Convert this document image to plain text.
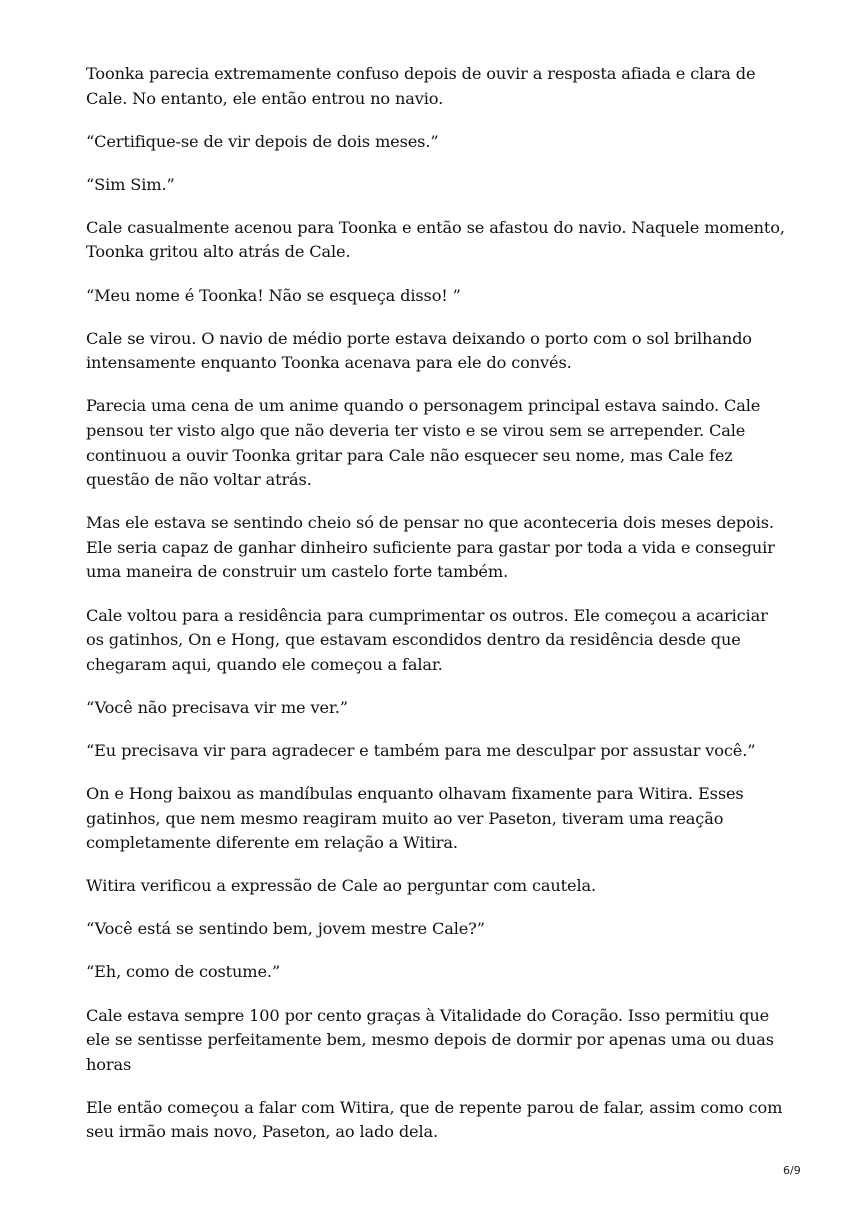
Toonka parecia extremamente confuso depois de ouvir a resposta afiada e clara de Cale. No entanto, ele então entrou no navio.

“Certifique-se de vir depois de dois meses.”

“Sim Sim.”

Cale casualmente acenou para Toonka e então se afastou do navio. Naquele momento, Toonka gritou alto atrás de Cale.

“Meu nome é Toonka! Não se esqueça disso! ”

Cale se virou. O navio de médio porte estava deixando o porto com o sol brilhando intensamente enquanto Toonka acenava para ele do convés.

Parecia uma cena de um anime quando o personagem principal estava saindo. Cale pensou ter visto algo que não deveria ter visto e se virou sem se arrepender. Cale continuou a ouvir Toonka gritar para Cale não esquecer seu nome, mas Cale fez questão de não voltar atrás.

Mas ele estava se sentindo cheio só de pensar no que aconteceria dois meses depois. Ele seria capaz de ganhar dinheiro suficiente para gastar por toda a vida e conseguir uma maneira de construir um castelo forte também.

Cale voltou para a residência para cumprimentar os outros. Ele começou a acariciar os gatinhos, On e Hong, que estavam escondidos dentro da residência desde que chegaram aqui, quando ele começou a falar.

“Você não precisava vir me ver.”

“Eu precisava vir para agradecer e também para me desculpar por assustar você.”

On e Hong baixou as mandíbulas enquanto olhavam fixamente para Witira. Esses gatinhos, que nem mesmo reagiram muito ao ver Paseton, tiveram uma reação completamente diferente em relação a Witira.

Witira verificou a expressão de Cale ao perguntar com cautela.

“Você está se sentindo bem, jovem mestre Cale?”

“Eh, como de costume.”

Cale estava sempre 100 por cento graças à Vitalidade do Coração. Isso permitiu que ele se sentisse perfeitamente bem, mesmo depois de dormir por apenas uma ou duas horas

Ele então começou a falar com Witira, que de repente parou de falar, assim como com seu irmão mais novo, Paseton, ao lado dela.

6/9
